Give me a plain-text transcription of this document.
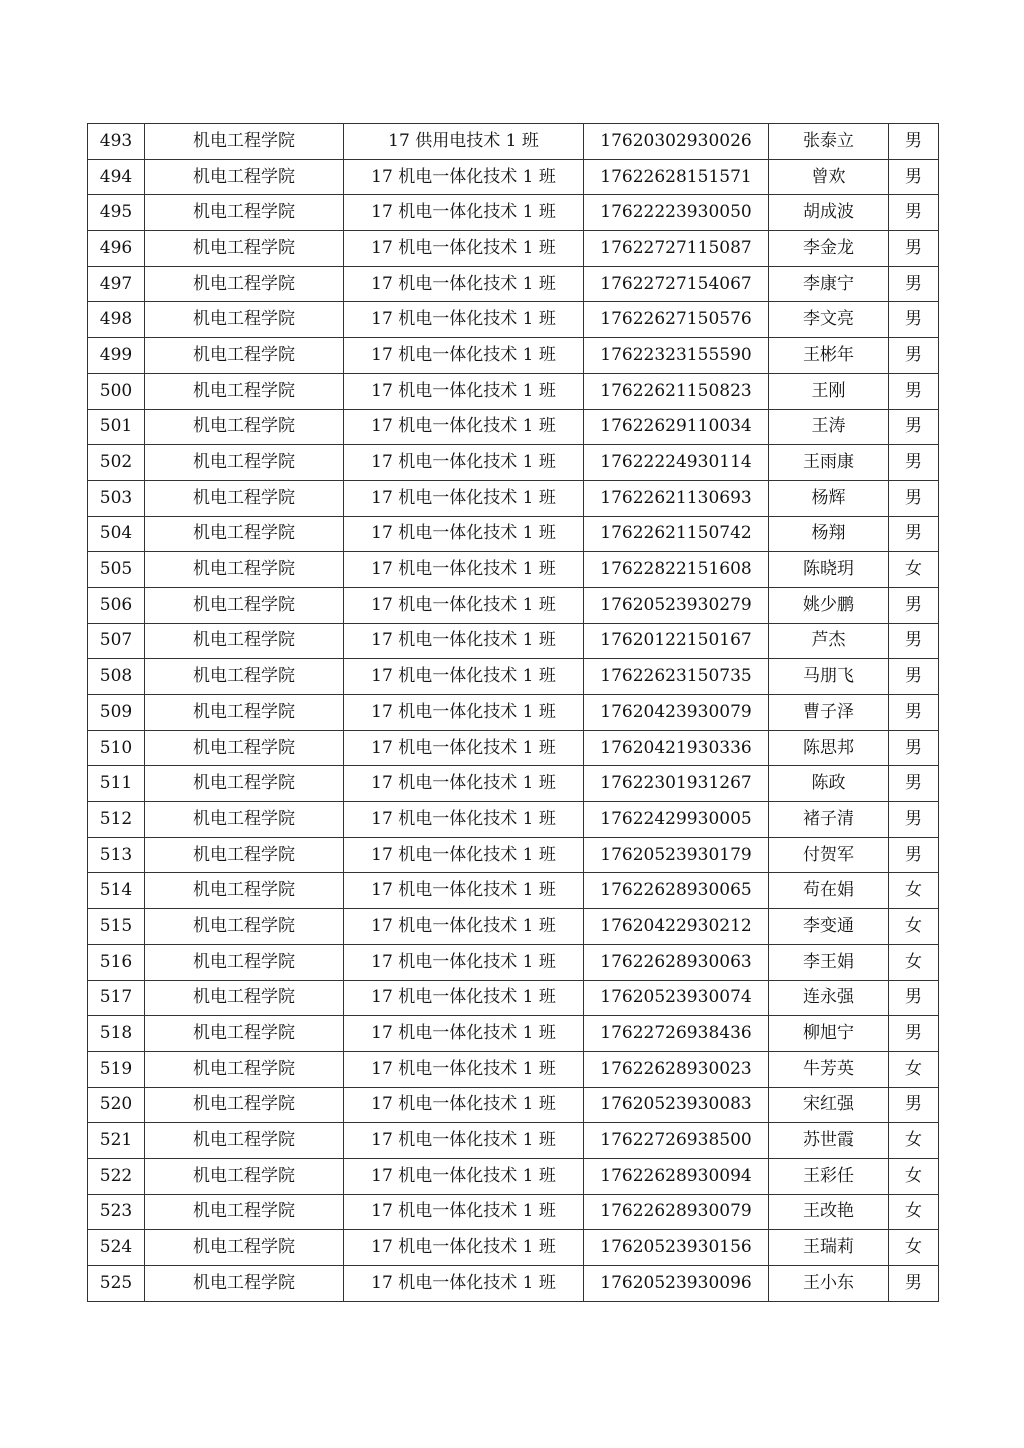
493	机电工程学院	17 供用电技术 1 班	17620302930026	张泰立	男
494	机电工程学院	17 机电一体化技术 1 班	17622628151571	曾欢	男
495	机电工程学院	17 机电一体化技术 1 班	17622223930050	胡成波	男
496	机电工程学院	17 机电一体化技术 1 班	17622727115087	李金龙	男
497	机电工程学院	17 机电一体化技术 1 班	17622727154067	李康宁	男
498	机电工程学院	17 机电一体化技术 1 班	17622627150576	李文亮	男
499	机电工程学院	17 机电一体化技术 1 班	17622323155590	王彬年	男
500	机电工程学院	17 机电一体化技术 1 班	17622621150823	王刚	男
501	机电工程学院	17 机电一体化技术 1 班	17622629110034	王涛	男
502	机电工程学院	17 机电一体化技术 1 班	17622224930114	王雨康	男
503	机电工程学院	17 机电一体化技术 1 班	17622621130693	杨辉	男
504	机电工程学院	17 机电一体化技术 1 班	17622621150742	杨翔	男
505	机电工程学院	17 机电一体化技术 1 班	17622822151608	陈晓玥	女
506	机电工程学院	17 机电一体化技术 1 班	17620523930279	姚少鹏	男
507	机电工程学院	17 机电一体化技术 1 班	17620122150167	芦杰	男
508	机电工程学院	17 机电一体化技术 1 班	17622623150735	马朋飞	男
509	机电工程学院	17 机电一体化技术 1 班	17620423930079	曹子泽	男
510	机电工程学院	17 机电一体化技术 1 班	17620421930336	陈思邦	男
511	机电工程学院	17 机电一体化技术 1 班	17622301931267	陈政	男
512	机电工程学院	17 机电一体化技术 1 班	17622429930005	褚子清	男
513	机电工程学院	17 机电一体化技术 1 班	17620523930179	付贺军	男
514	机电工程学院	17 机电一体化技术 1 班	17622628930065	苟在娟	女
515	机电工程学院	17 机电一体化技术 1 班	17620422930212	李变通	女
516	机电工程学院	17 机电一体化技术 1 班	17622628930063	李王娟	女
517	机电工程学院	17 机电一体化技术 1 班	17620523930074	连永强	男
518	机电工程学院	17 机电一体化技术 1 班	17622726938436	柳旭宁	男
519	机电工程学院	17 机电一体化技术 1 班	17622628930023	牛芳英	女
520	机电工程学院	17 机电一体化技术 1 班	17620523930083	宋红强	男
521	机电工程学院	17 机电一体化技术 1 班	17622726938500	苏世霞	女
522	机电工程学院	17 机电一体化技术 1 班	17622628930094	王彩任	女
523	机电工程学院	17 机电一体化技术 1 班	17622628930079	王改艳	女
524	机电工程学院	17 机电一体化技术 1 班	17620523930156	王瑞莉	女
525	机电工程学院	17 机电一体化技术 1 班	17620523930096	王小东	男
